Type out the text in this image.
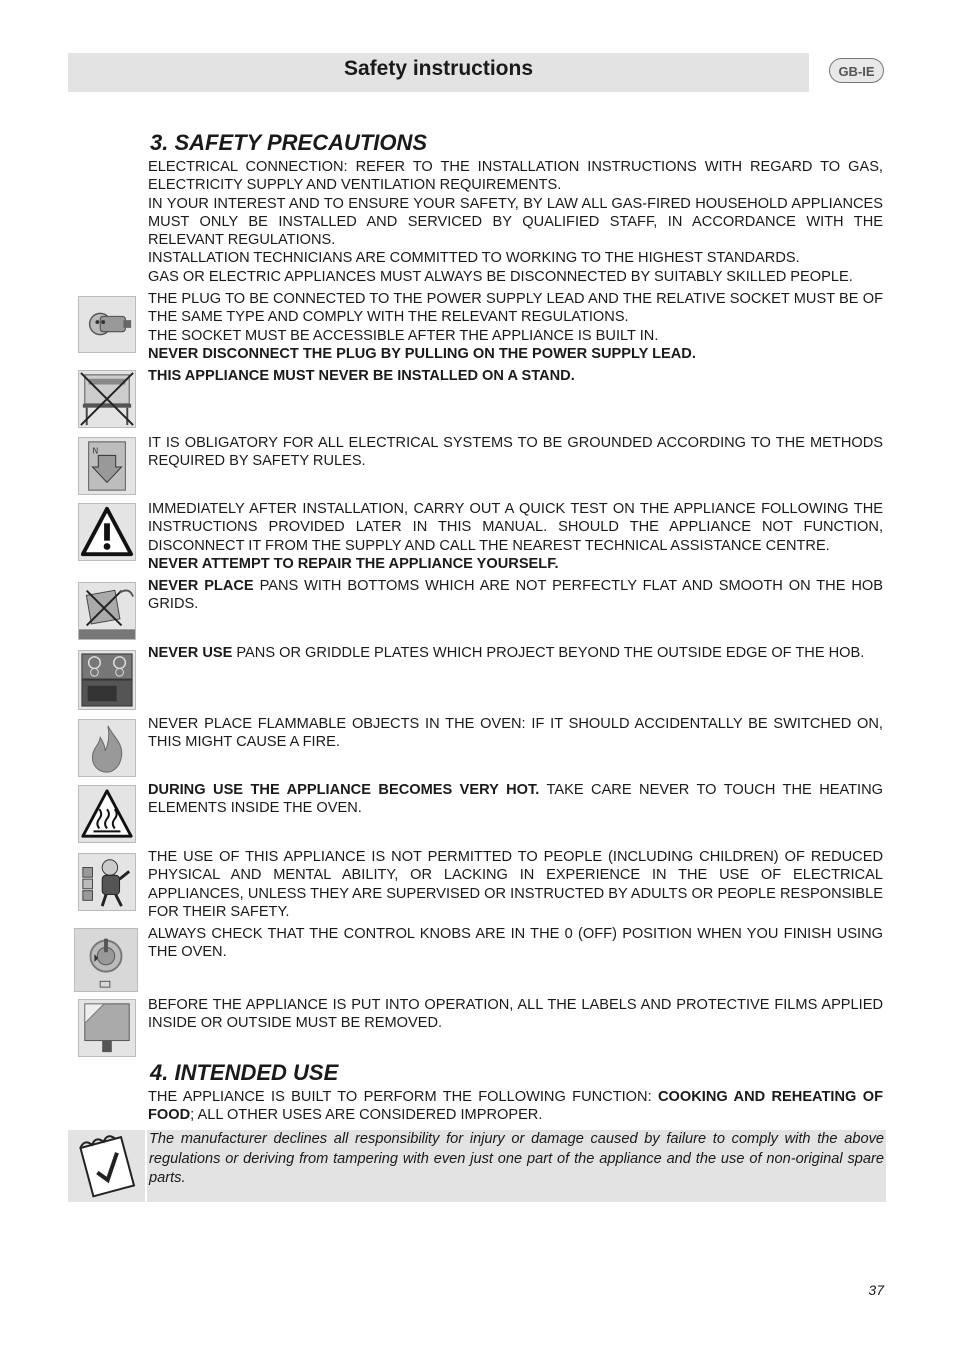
Safety instructions	GB-IE
3. SAFETY PRECAUTIONS

ELECTRICAL CONNECTION: REFER TO THE INSTALLATION INSTRUCTIONS WITH REGARD TO GAS, ELECTRICITY SUPPLY AND VENTILATION REQUIREMENTS.

IN YOUR INTEREST AND TO ENSURE YOUR SAFETY, BY LAW ALL GAS-FIRED HOUSEHOLD APPLIANCES MUST ONLY BE INSTALLED AND SERVICED BY QUALIFIED STAFF, IN ACCORDANCE WITH THE RELEVANT REGULATIONS.

INSTALLATION TECHNICIANS ARE COMMITTED TO WORKING TO THE HIGHEST STANDARDS.

GAS OR ELECTRIC APPLIANCES MUST ALWAYS BE DISCONNECTED BY SUITABLY SKILLED PEOPLE.

THE PLUG TO BE CONNECTED TO THE POWER SUPPLY LEAD AND THE RELATIVE SOCKET MUST BE OF THE SAME TYPE AND COMPLY WITH THE RELEVANT REGULATIONS.

THE SOCKET MUST BE ACCESSIBLE AFTER THE APPLIANCE IS BUILT IN.

NEVER DISCONNECT THE PLUG BY PULLING ON THE POWER SUPPLY LEAD.

THIS APPLIANCE MUST NEVER BE INSTALLED ON A STAND.

N	IT IS OBLIGATORY FOR ALL ELECTRICAL SYSTEMS TO BE GROUNDED ACCORDING TO THE METHODS REQUIRED BY SAFETY RULES.

IMMEDIATELY AFTER INSTALLATION, CARRY OUT A QUICK TEST ON THE APPLIANCE FOLLOWING THE INSTRUCTIONS PROVIDED LATER IN THIS MANUAL. SHOULD THE APPLIANCE NOT FUNCTION, DISCONNECT IT FROM THE SUPPLY AND CALL THE NEAREST TECHNICAL ASSISTANCE CENTRE.

NEVER ATTEMPT TO REPAIR THE APPLIANCE YOURSELF.

NEVER PLACE PANS WITH BOTTOMS WHICH ARE NOT PERFECTLY FLAT AND SMOOTH ON THE HOB GRIDS.

NEVER USE PANS OR GRIDDLE PLATES WHICH PROJECT BEYOND THE OUTSIDE EDGE OF THE HOB.

NEVER PLACE FLAMMABLE OBJECTS IN THE OVEN: IF IT SHOULD ACCIDENTALLY BE SWITCHED ON, THIS MIGHT CAUSE A FIRE.

DURING USE THE APPLIANCE BECOMES VERY HOT. TAKE CARE NEVER TO TOUCH THE HEATING ELEMENTS INSIDE THE OVEN.

THE USE OF THIS APPLIANCE IS NOT PERMITTED TO PEOPLE (INCLUDING CHILDREN) OF REDUCED PHYSICAL AND MENTAL ABILITY, OR LACKING IN EXPERIENCE IN THE USE OF ELECTRICAL APPLIANCES, UNLESS THEY ARE SUPERVISED OR INSTRUCTED BY ADULTS OR PEOPLE RESPONSIBLE FOR THEIR SAFETY.

ALWAYS CHECK THAT THE CONTROL KNOBS ARE IN THE 0 (OFF) POSITION WHEN YOU FINISH USING THE OVEN.

BEFORE THE APPLIANCE IS PUT INTO OPERATION, ALL THE LABELS AND PROTECTIVE FILMS APPLIED INSIDE OR OUTSIDE MUST BE REMOVED.

4. INTENDED USE

THE APPLIANCE IS BUILT TO PERFORM THE FOLLOWING FUNCTION: COOKING AND REHEATING OF FOOD; ALL OTHER USES ARE CONSIDERED IMPROPER.

The manufacturer declines all responsibility for injury or damage caused by failure to comply with the above regulations or deriving from tampering with even just one part of the appliance and the use of non-original spare parts.

37
